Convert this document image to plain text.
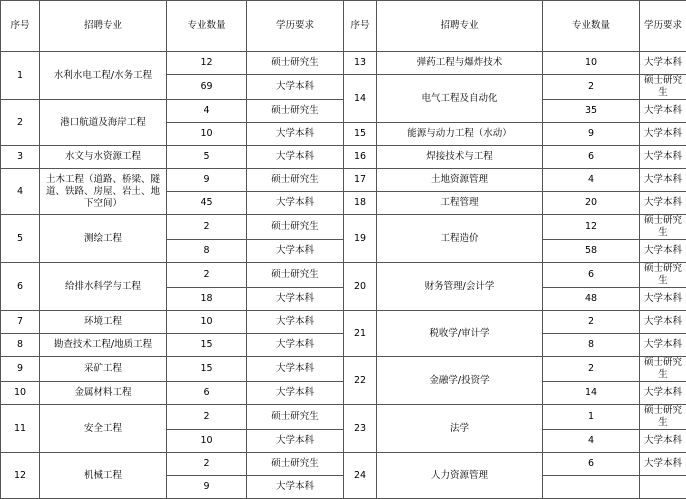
序号	招聘专业	专业数量	学历要求	序号	招聘专业	专业数量	学历要求
1	水利水电工程/水务工程	12	硕士研究生	13	弹药工程与爆炸技术	10	大学本科
		69	大学本科	14	电气工程及自动化	2	硕士研究生
2	港口航道及海岸工程	4	硕士研究生			35	大学本科
		10	大学本科	15	能源与动力工程（水动）	9	大学本科
3	水文与水资源工程	5	大学本科	16	焊接技术与工程	6	大学本科
4	土木工程（道路、桥梁、隧道、铁路、房屋、岩土、地下空间）	9	硕士研究生	17	土地资源管理	4	大学本科
		45	大学本科	18	工程管理	20	大学本科
5	测绘工程	2	硕士研究生	19	工程造价	12	硕士研究生
		8	大学本科			58	大学本科
6	给排水科学与工程	2	硕士研究生	20	财务管理/会计学	6	硕士研究生
		18	大学本科			48	大学本科
7	环境工程	10	大学本科	21	税收学/审计学	2	大学本科
8	勘查技术工程/地质工程	15	大学本科			8	大学本科
9	采矿工程	15	大学本科	22	金融学/投资学	2	硕士研究生
10	金属材料工程	6	大学本科			14	大学本科
11	安全工程	2	硕士研究生	23	法学	1	硕士研究生
		10	大学本科			4	大学本科
12	机械工程	2	硕士研究生	24	人力资源管理	6	大学本科
		9	大学本科				
